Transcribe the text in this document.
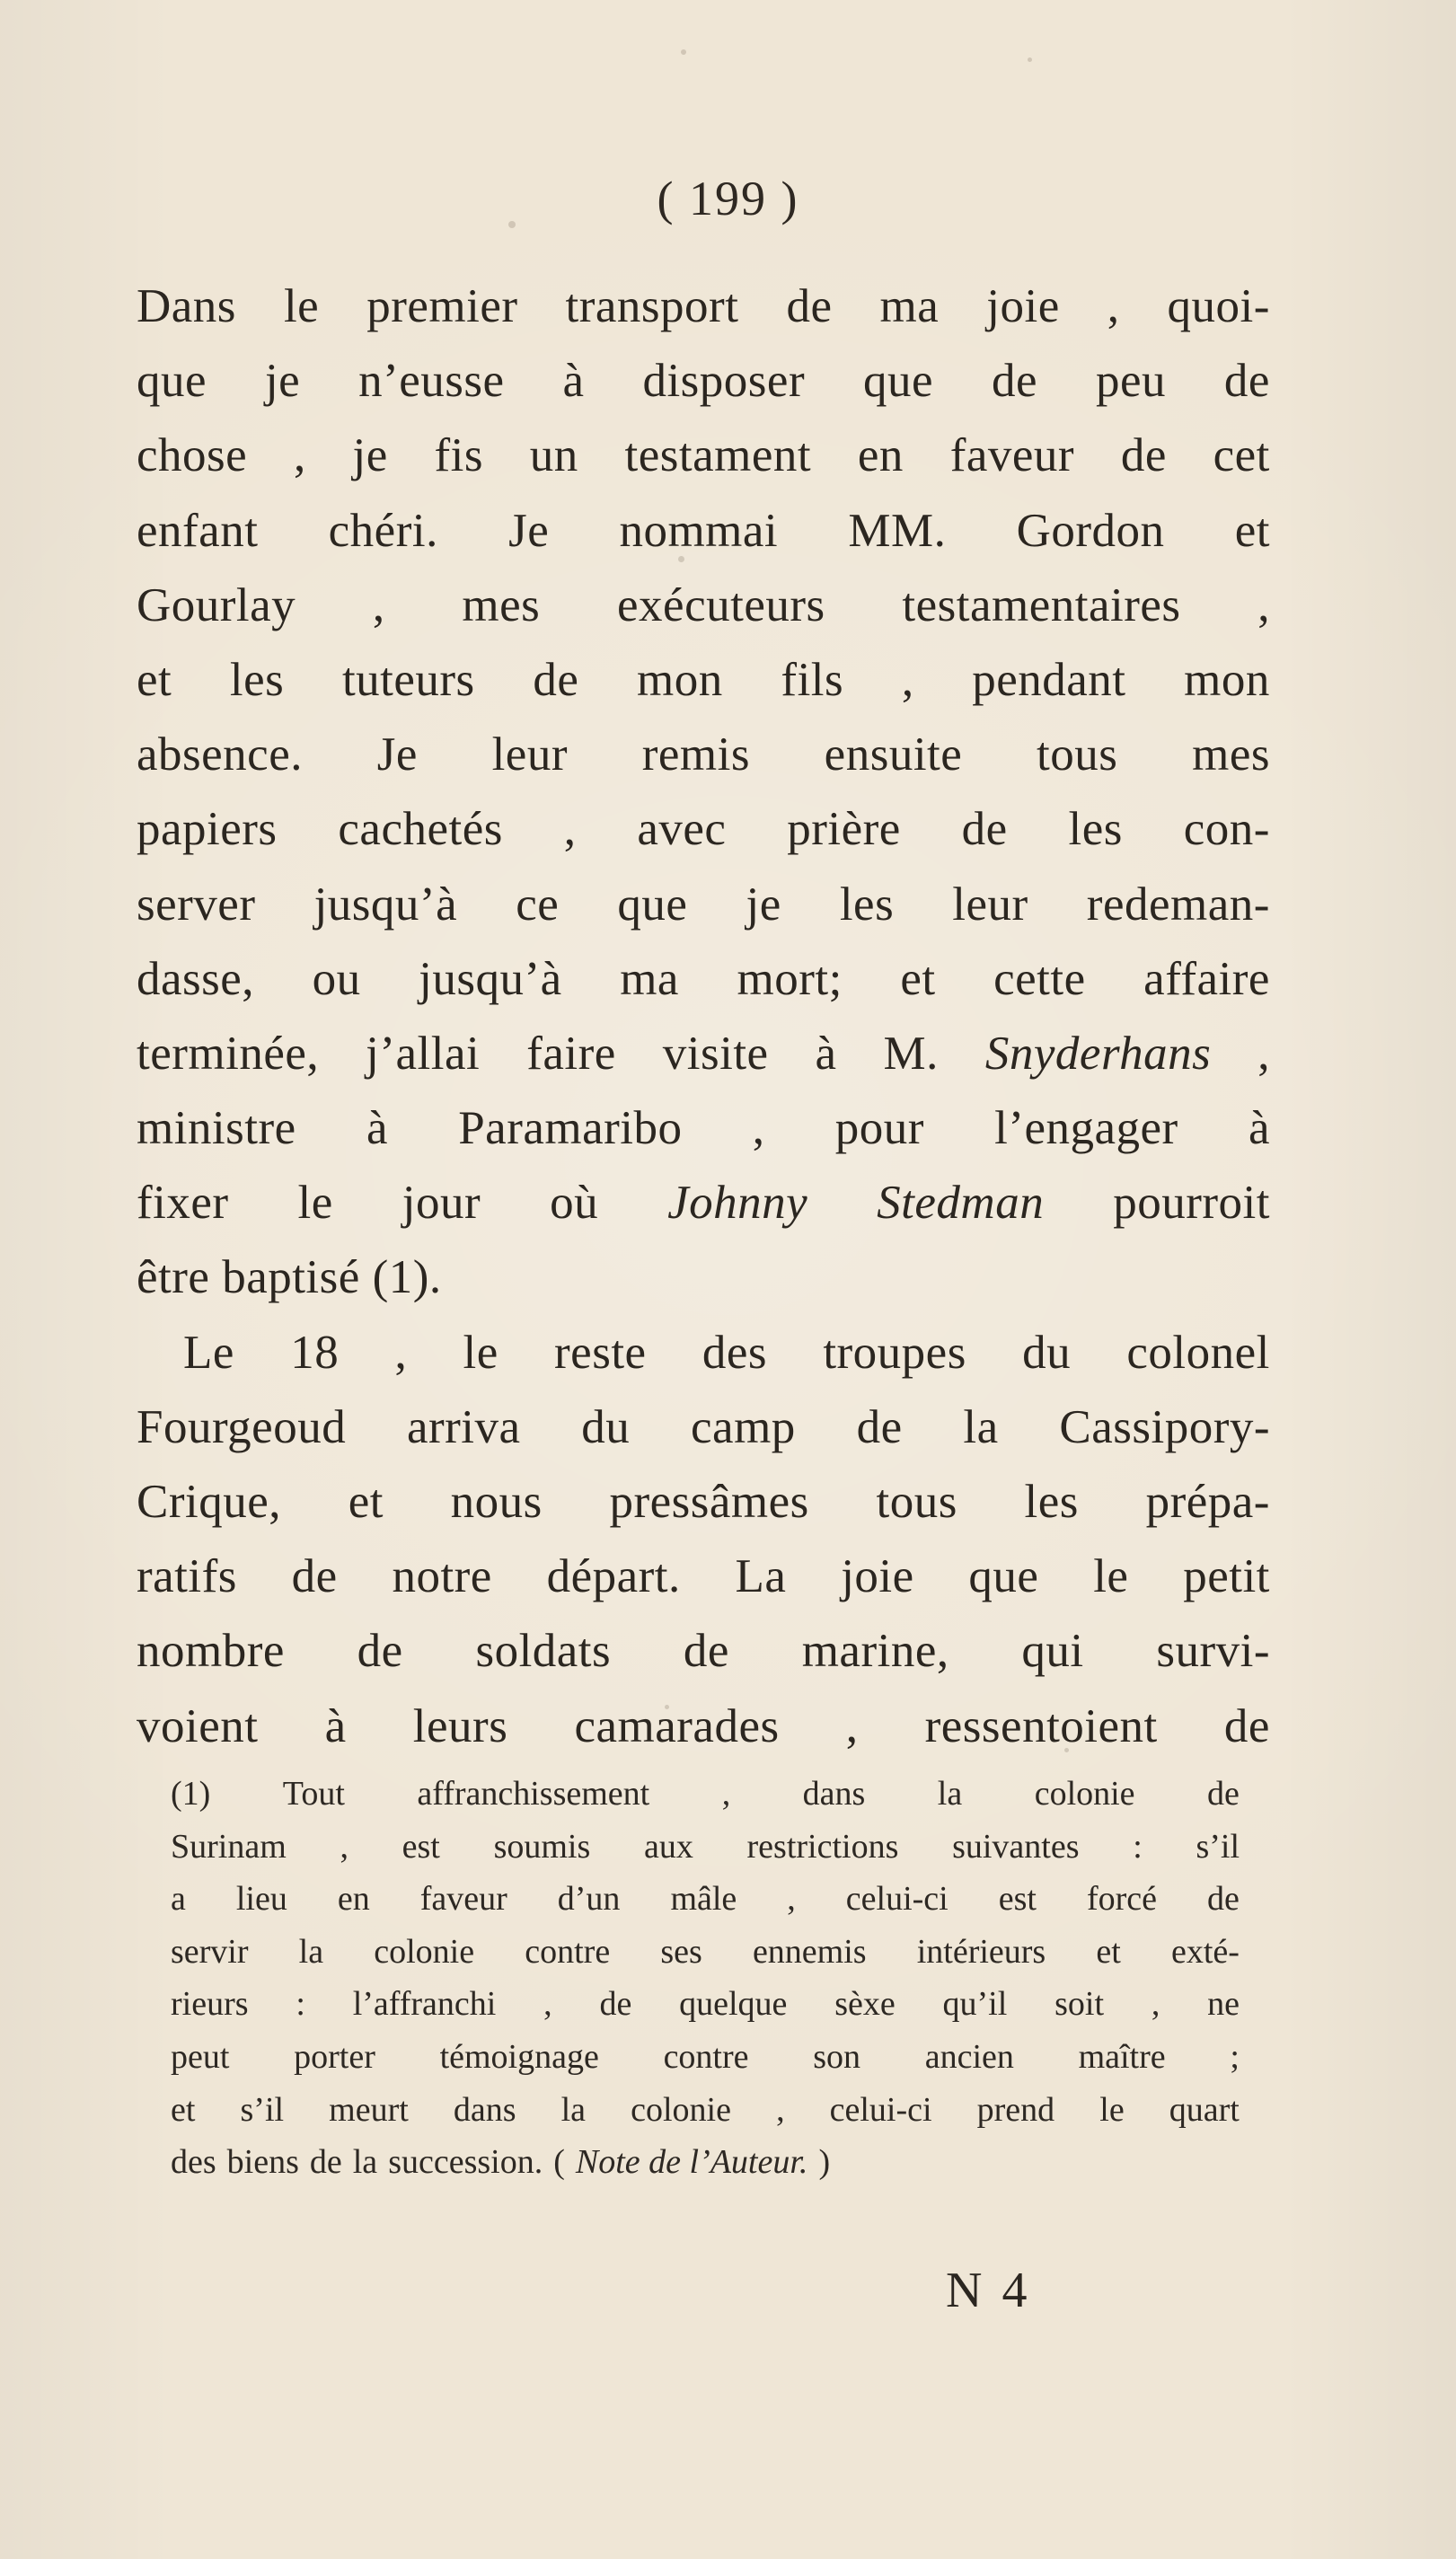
( 199 )
Dans le premier transport de ma joie , quoi-
que je n’eusse à disposer que de peu de
chose , je fis un testament en faveur de cet
enfant chéri. Je nommai MM. Gordon et
Gourlay , mes exécuteurs testamentaires ,
et les tuteurs de mon fils , pendant mon
absence. Je leur remis ensuite tous mes
papiers cachetés , avec prière de les con-
server jusqu’à ce que je les leur redeman-
dasse, ou jusqu’à ma mort; et cette affaire
terminée, j’allai faire visite à M. Snyderhans ,
ministre à Paramaribo , pour l’engager à
fixer le jour où Johnny Stedman pourroit
être
baptisé
(1).
Le 18 , le reste des troupes du colonel
Fourgeoud arriva du camp de la Cassipory-
Crique, et nous pressâmes tous les prépa-
ratifs de notre départ. La joie que le petit
nombre de soldats de marine, qui survi-
voient à leurs camarades , ressentoient de
(1) Tout affranchissement , dans la colonie de
Surinam , est soumis aux restrictions suivantes : s’il
a lieu en faveur d’un mâle , celui-ci est forcé de
servir la colonie contre ses ennemis intérieurs et exté-
rieurs : l’affranchi , de quelque sèxe qu’il soit , ne
peut porter témoignage contre son ancien maître ;
et s’il meurt dans la colonie , celui-ci prend le quart
des biens de la succession. ( Note de l’Auteur. )
N 4
